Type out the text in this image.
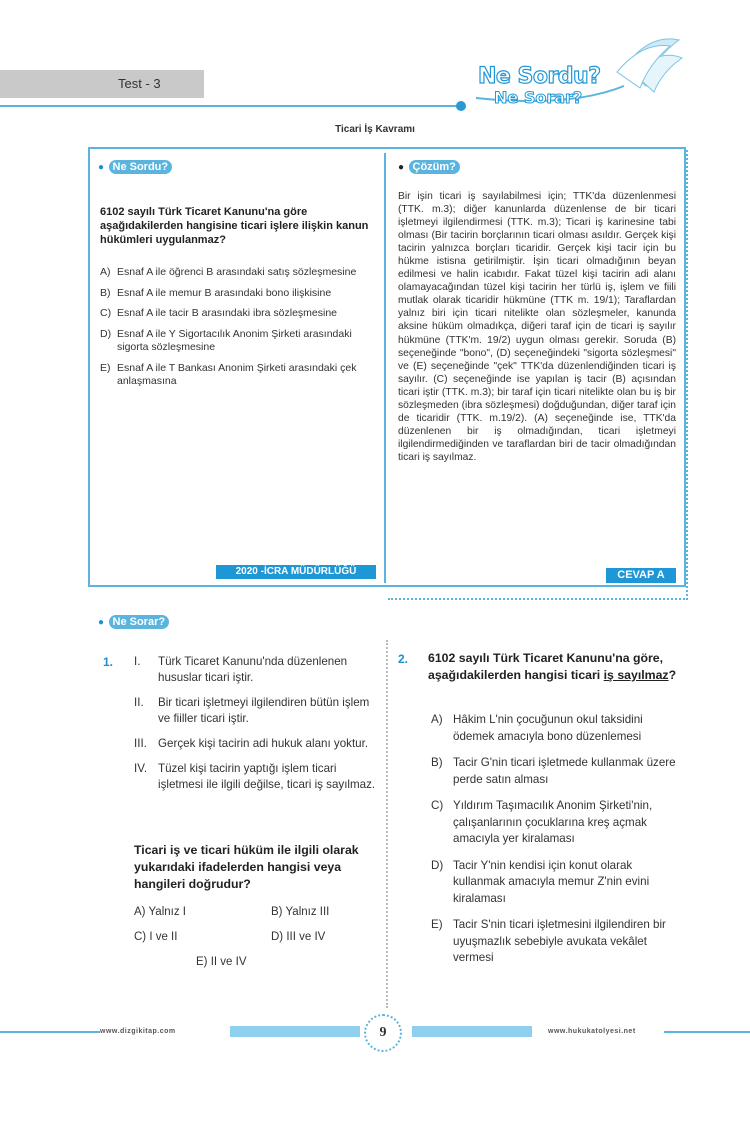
Test - 3	Ne Sordu?
Ne Sorar?
Ticari İş Kavramı
● Ne Sordu?
6102 sayılı Türk Ticaret Kanunu'na göre aşağıdakilerden hangisine ticari işlere ilişkin kanun hükümleri uygulanmaz?
A) Esnaf A ile öğrenci B arasındaki satış sözleşmesine
B) Esnaf A ile memur B arasındaki bono ilişkisine
C) Esnaf A ile tacir B arasındaki ibra sözleşmesine
D) Esnaf A ile Y Sigortacılık Anonim Şirketi arasındaki sigorta sözleşmesine
E) Esnaf A ile T Bankası Anonim Şirketi arasındaki çek anlaşmasına
2020 -İCRA MÜDÜRLÜĞÜ
● Çözüm?
Bir işin ticari iş sayılabilmesi için; TTK'da düzenlenmesi (TTK. m.3); diğer kanunlarda düzenlense de bir ticari işletmeyi ilgilendirmesi (TTK. m.3); Ticari iş karinesine tabi olması (Bir tacirin borçlarının ticari olması asıldır. Gerçek kişi tacirin yalnızca borçları ticaridir. Gerçek kişi tacir için bu hükme istisna getirilmiştir. İşin ticari olmadığının beyan edilmesi ve halin icabıdır. Fakat tüzel kişi tacirin adi alanı olamayacağından tüzel kişi tacirin her türlü iş, işlem ve fiili mutlak olarak ticaridir hükmüne (TTK m. 19/1); Taraflardan yalnız biri için ticari nitelikte olan sözleşmeler, kanunda aksine hüküm olmadıkça, diğeri taraf için de ticari iş sayılır hükmüne (TTK'm. 19/2) uygun olması gerekir. Soruda (B) seçeneğinde "bono", (D) seçeneğindeki "sigorta sözleşmesi" ve (E) seçeneğinde "çek" TTK'da düzenlendiğinden ticari iş sayılır. (C) seçeneğinde ise yapılan iş tacir (B) açısından ticari iştir (TTK. m.3); bir taraf için ticari nitelikte olan bu iş bir sözleşmeden (ibra sözleşmesi) doğduğundan, diğer taraf için de ticaridir (TTK. m.19/2). (A) seçeneğinde ise, TTK'da düzenlenen bir iş olmadığından, ticari işletmeyi ilgilendirmediğinden ve taraflardan biri de tacir olmadığından ticari iş sayılmaz.
CEVAP A
● Ne Sorar?
1. I.	Türk Ticaret Kanunu'nda düzenlenen hususlar ticari iştir.
II.	Bir ticari işletmeyi ilgilendiren bütün işlem ve fiiller ticari iştir.
III. Gerçek kişi tacirin adi hukuk alanı yoktur.
IV. Tüzel kişi tacirin yaptığı işlem ticari işletmesi ile ilgili değilse, ticari iş sayılmaz.
Ticari iş ve ticari hüküm ile ilgili olarak yukarıdaki ifadelerden hangisi veya hangileri doğrudur?
A) Yalnız I	B) Yalnız III
C) I ve II	D) III ve IV
E) II ve IV
2. 6102 sayılı Türk Ticaret Kanunu'na göre, aşağıdakilerden hangisi ticari iş sayılmaz?
A) Hâkim L'nin çocuğunun okul taksidini ödemek amacıyla bono düzenlemesi
B) Tacir G'nin ticari işletmede kullanmak üzere perde satın alması
C) Yıldırım Taşımacılık Anonim Şirketi'nin, çalışanlarının çocuklarına kreş açmak amacıyla yer kiralaması
D) Tacir Y'nin kendisi için konut olarak kullanmak amacıyla memur Z'nin evini kiralaması
E) Tacir S'nin ticari işletmesini ilgilendiren bir uyuşmazlık sebebiyle avukata vekâlet vermesi
www.dizgikitap.com	9	www.hukukatolyesi.net
